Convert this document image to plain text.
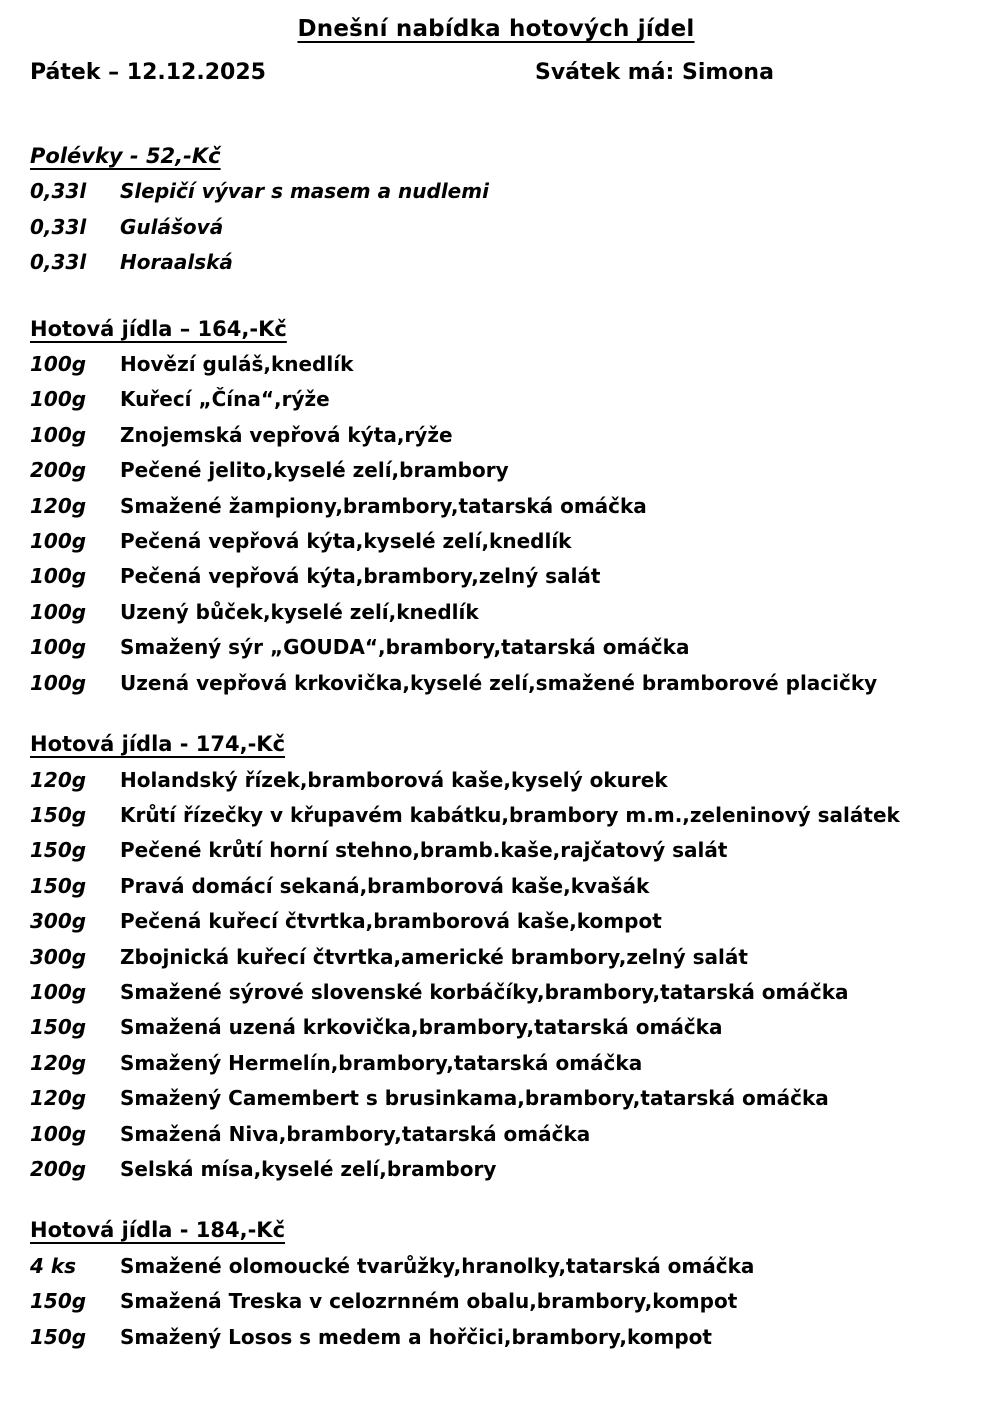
Dnešní nabídka hotových jídel
Pátek – 12.12.2025	Svátek má: Simona
Polévky - 52,-Kč
0,33l	Slepičí vývar s masem a nudlemi
0,33l	Gulášová
0,33l	Horaalská
Hotová jídla – 164,-Kč
100g	Hovězí guláš,knedlík
100g	Kuřecí „Čína“,rýže
100g	Znojemská vepřová kýta,rýže
200g	Pečené jelito,kyselé zelí,brambory
120g	Smažené žampiony,brambory,tatarská omáčka
100g	Pečená vepřová kýta,kyselé zelí,knedlík
100g	Pečená vepřová kýta,brambory,zelný salát
100g	Uzený bůček,kyselé zelí,knedlík
100g	Smažený sýr „GOUDA“,brambory,tatarská omáčka
100g	Uzená vepřová krkovička,kyselé zelí,smažené bramborové placičky
Hotová jídla - 174,-Kč
120g	Holandský řízek,bramborová kaše,kyselý okurek
150g	Krůtí řízečky v křupavém kabátku,brambory m.m.,zeleninový salátek
150g	Pečené krůtí horní stehno,bramb.kaše,rajčatový salát
150g	Pravá domácí sekaná,bramborová kaše,kvašák
300g	Pečená kuřecí čtvrtka,bramborová kaše,kompot
300g	Zbojnická kuřecí čtvrtka,americké brambory,zelný salát
100g	Smažené sýrové slovenské korbáčíky,brambory,tatarská omáčka
150g	Smažená uzená krkovička,brambory,tatarská omáčka
120g	Smažený Hermelín,brambory,tatarská omáčka
120g	Smažený Camembert s brusinkama,brambory,tatarská omáčka
100g	Smažená Niva,brambory,tatarská omáčka
200g	Selská mísa,kyselé zelí,brambory
Hotová jídla - 184,-Kč
4 ks	Smažené olomoucké tvarůžky,hranolky,tatarská omáčka
150g	Smažená Treska v celozrnném obalu,brambory,kompot
150g	Smažený Losos s medem a hořčici,brambory,kompot
